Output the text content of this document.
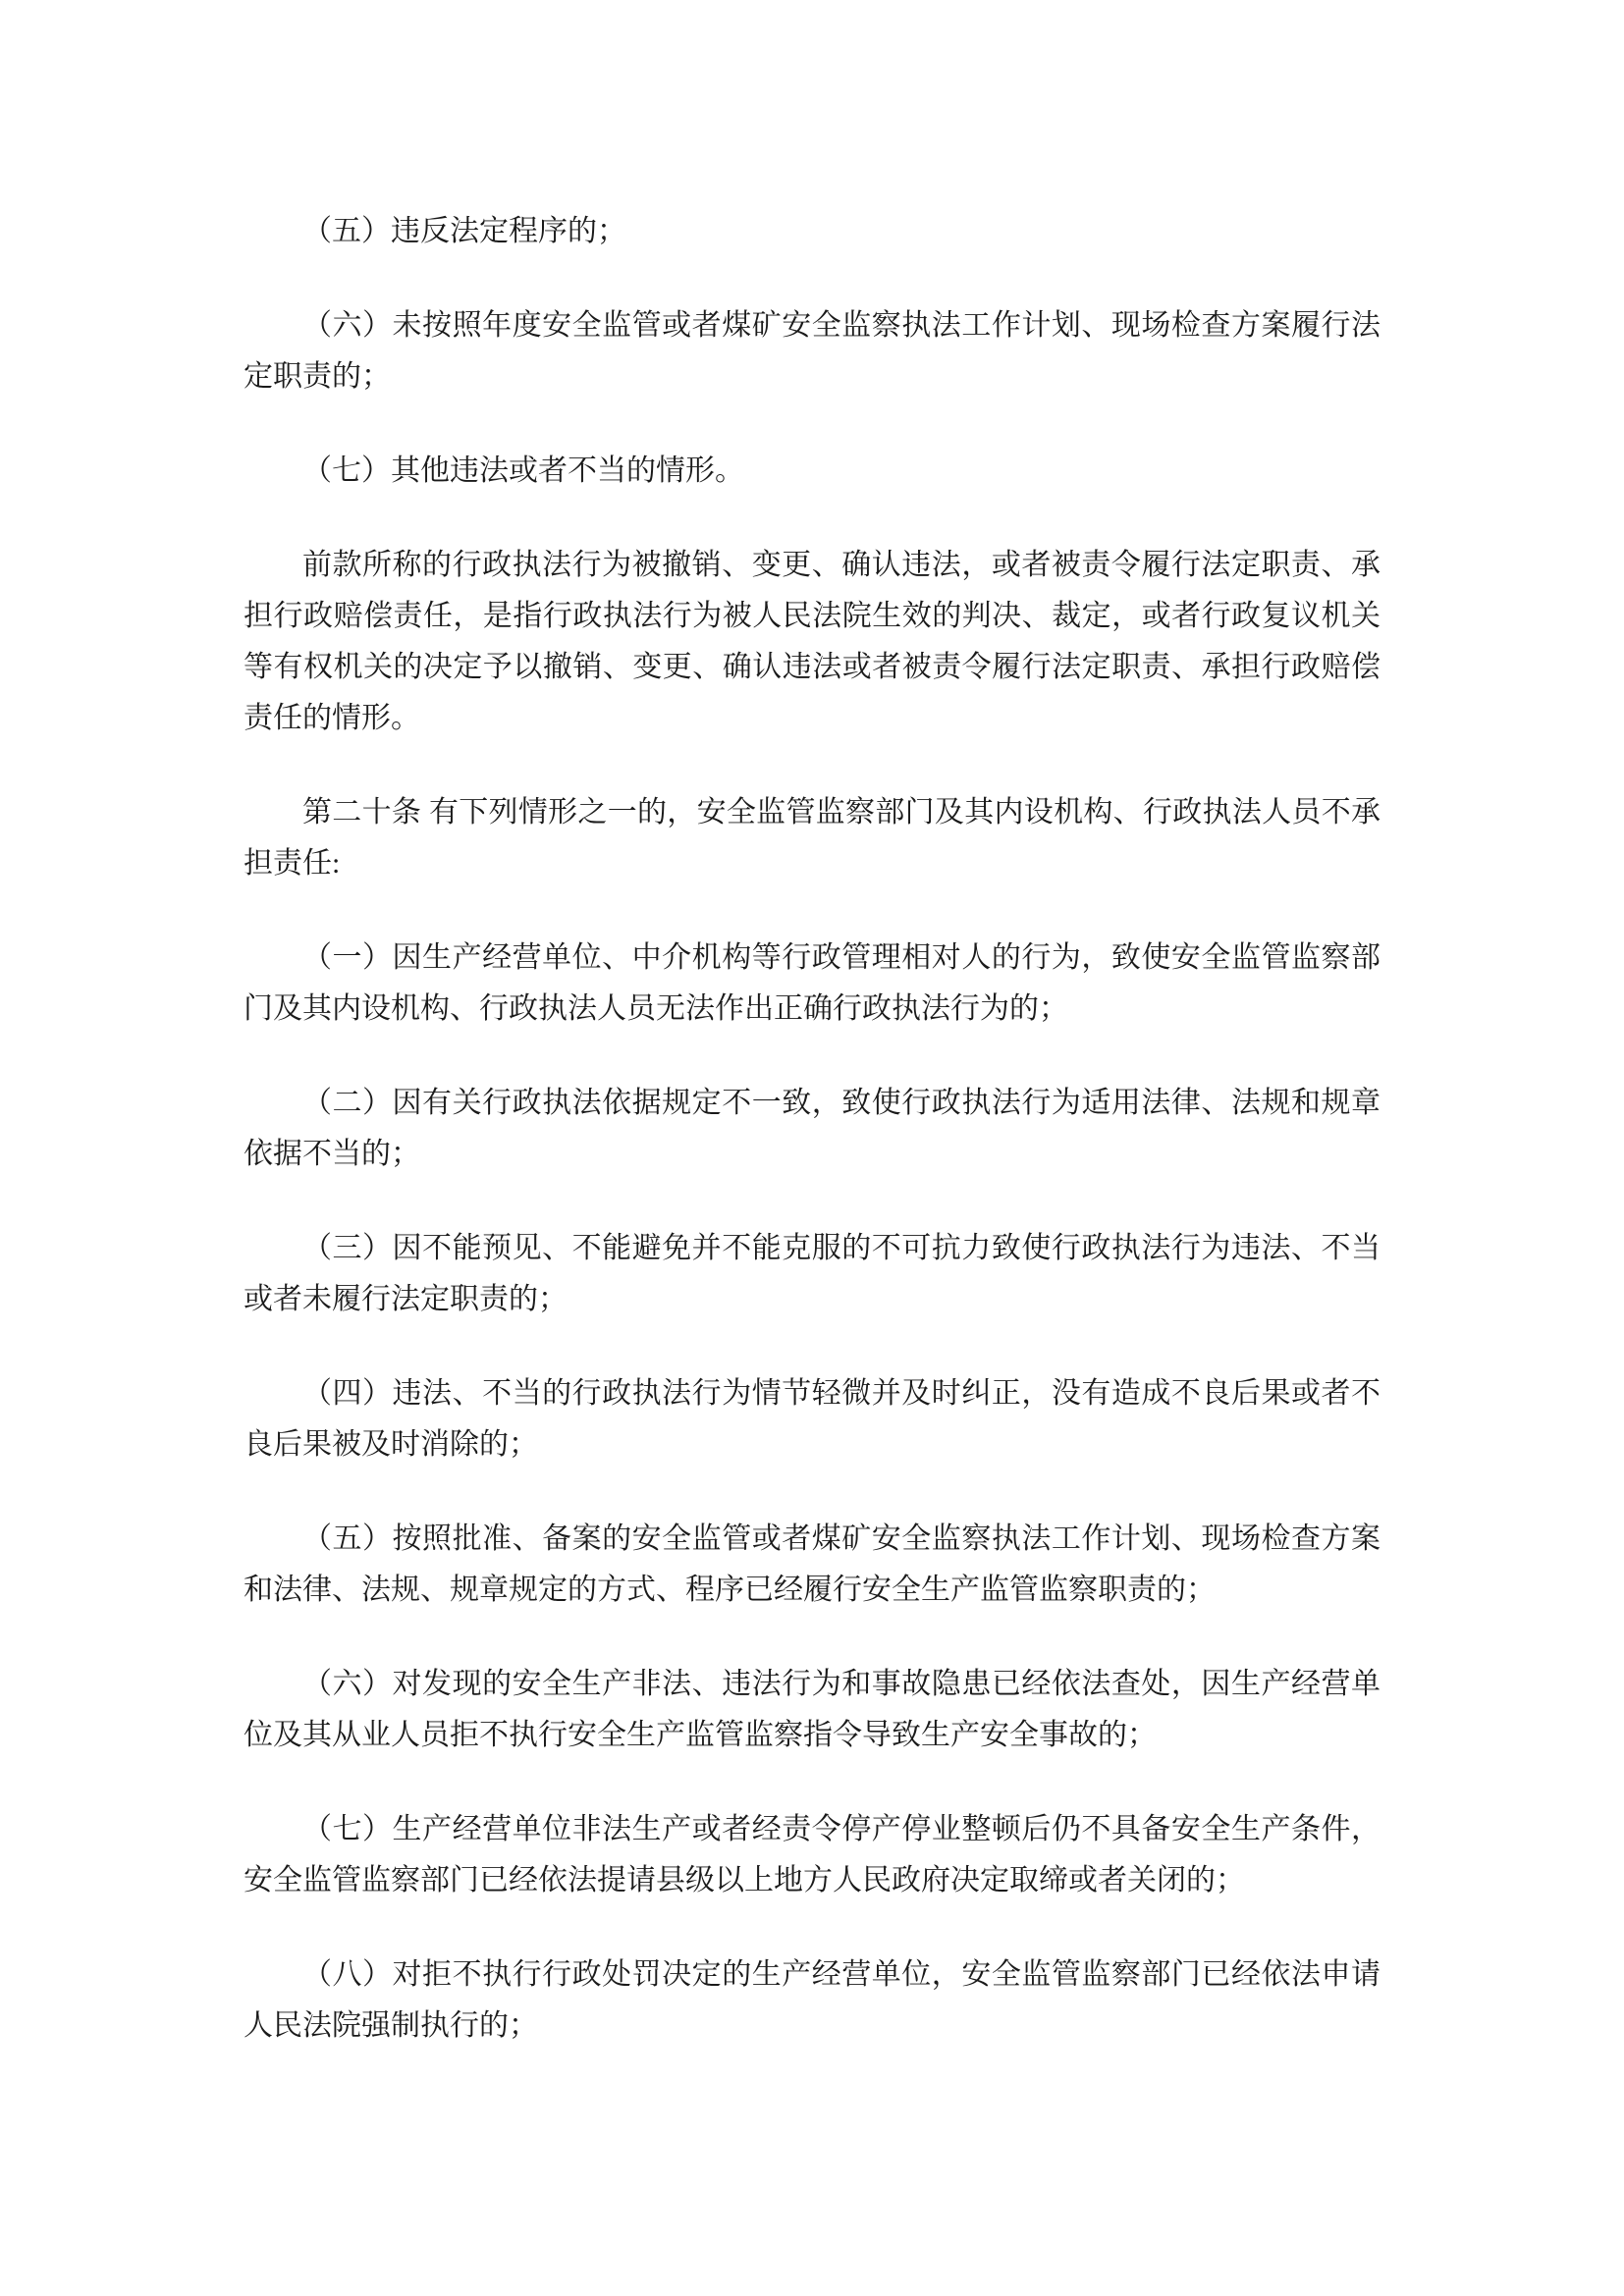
（五）违反法定程序的；

（六）未按照年度安全监管或者煤矿安全监察执法工作计划、现场检查方案履行法定职责的；

（七）其他违法或者不当的情形。

前款所称的行政执法行为被撤销、变更、确认违法，或者被责令履行法定职责、承担行政赔偿责任，是指行政执法行为被人民法院生效的判决、裁定，或者行政复议机关等有权机关的决定予以撤销、变更、确认违法或者被责令履行法定职责、承担行政赔偿责任的情形。

第二十条 有下列情形之一的，安全监管监察部门及其内设机构、行政执法人员不承担责任:

（一）因生产经营单位、中介机构等行政管理相对人的行为，致使安全监管监察部门及其内设机构、行政执法人员无法作出正确行政执法行为的；

（二）因有关行政执法依据规定不一致，致使行政执法行为适用法律、法规和规章依据不当的；

（三）因不能预见、不能避免并不能克服的不可抗力致使行政执法行为违法、不当或者未履行法定职责的；

（四）违法、不当的行政执法行为情节轻微并及时纠正，没有造成不良后果或者不良后果被及时消除的；

（五）按照批准、备案的安全监管或者煤矿安全监察执法工作计划、现场检查方案和法律、法规、规章规定的方式、程序已经履行安全生产监管监察职责的；

（六）对发现的安全生产非法、违法行为和事故隐患已经依法查处，因生产经营单位及其从业人员拒不执行安全生产监管监察指令导致生产安全事故的；

（七）生产经营单位非法生产或者经责令停产停业整顿后仍不具备安全生产条件，安全监管监察部门已经依法提请县级以上地方人民政府决定取缔或者关闭的；

（八）对拒不执行行政处罚决定的生产经营单位，安全监管监察部门已经依法申请人民法院强制执行的；
